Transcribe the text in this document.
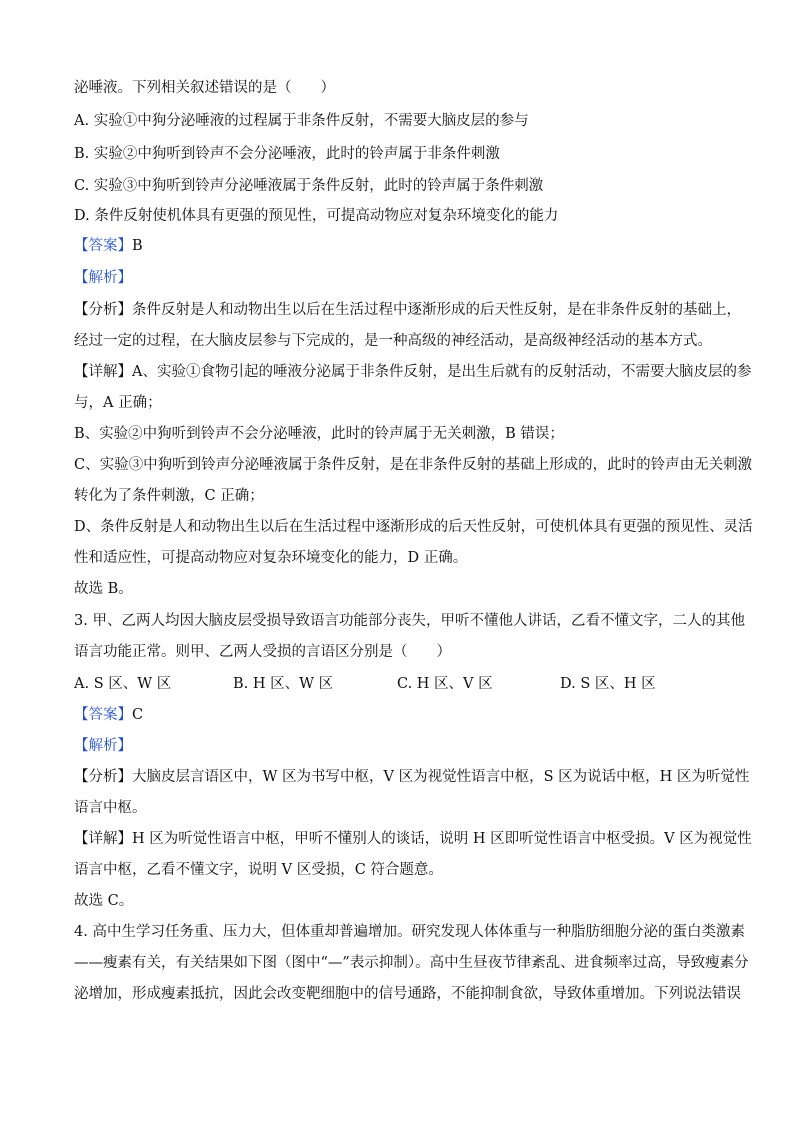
泌唾液。下列相关叙述错误的是（　　）
A. 实验①中狗分泌唾液的过程属于非条件反射，不需要大脑皮层的参与
B. 实验②中狗听到铃声不会分泌唾液，此时的铃声属于非条件刺激
C. 实验③中狗听到铃声分泌唾液属于条件反射，此时的铃声属于条件刺激
D. 条件反射使机体具有更强的预见性，可提高动物应对复杂环境变化的能力
【答案】B
【解析】
【分析】条件反射是人和动物出生以后在生活过程中逐渐形成的后天性反射，是在非条件反射的基础上，
经过一定的过程，在大脑皮层参与下完成的，是一种高级的神经活动，是高级神经活动的基本方式。
【详解】A、实验①食物引起的唾液分泌属于非条件反射，是出生后就有的反射活动，不需要大脑皮层的参
与，A 正确；
B、实验②中狗听到铃声不会分泌唾液，此时的铃声属于无关刺激，B 错误；
C、实验③中狗听到铃声分泌唾液属于条件反射，是在非条件反射的基础上形成的，此时的铃声由无关刺激
转化为了条件刺激，C 正确；
D、条件反射是人和动物出生以后在生活过程中逐渐形成的后天性反射，可使机体具有更强的预见性、灵活
性和适应性，可提高动物应对复杂环境变化的能力，D 正确。
故选 B。
3. 甲、乙两人均因大脑皮层受损导致语言功能部分丧失，甲听不懂他人讲话，乙看不懂文字，二人的其他
语言功能正常。则甲、乙两人受损的言语区分别是（　　）
A. S 区、W 区	B. H 区、W 区	C. H 区、V 区	D. S 区、H 区
【答案】C
【解析】
【分析】大脑皮层言语区中，W 区为书写中枢，V 区为视觉性语言中枢，S 区为说话中枢，H 区为听觉性
语言中枢。
【详解】H 区为听觉性语言中枢，甲听不懂别人的谈话，说明 H 区即听觉性语言中枢受损。V 区为视觉性
语言中枢，乙看不懂文字，说明 V 区受损，C 符合题意。
故选 C。
4. 高中生学习任务重、压力大，但体重却普遍增加。研究发现人体体重与一种脂肪细胞分泌的蛋白类激素
——瘦素有关，有关结果如下图（图中“—”表示抑制）。高中生昼夜节律紊乱、进食频率过高，导致瘦素分
泌增加，形成瘦素抵抗，因此会改变靶细胞中的信号通路，不能抑制食欲，导致体重增加。下列说法错误
